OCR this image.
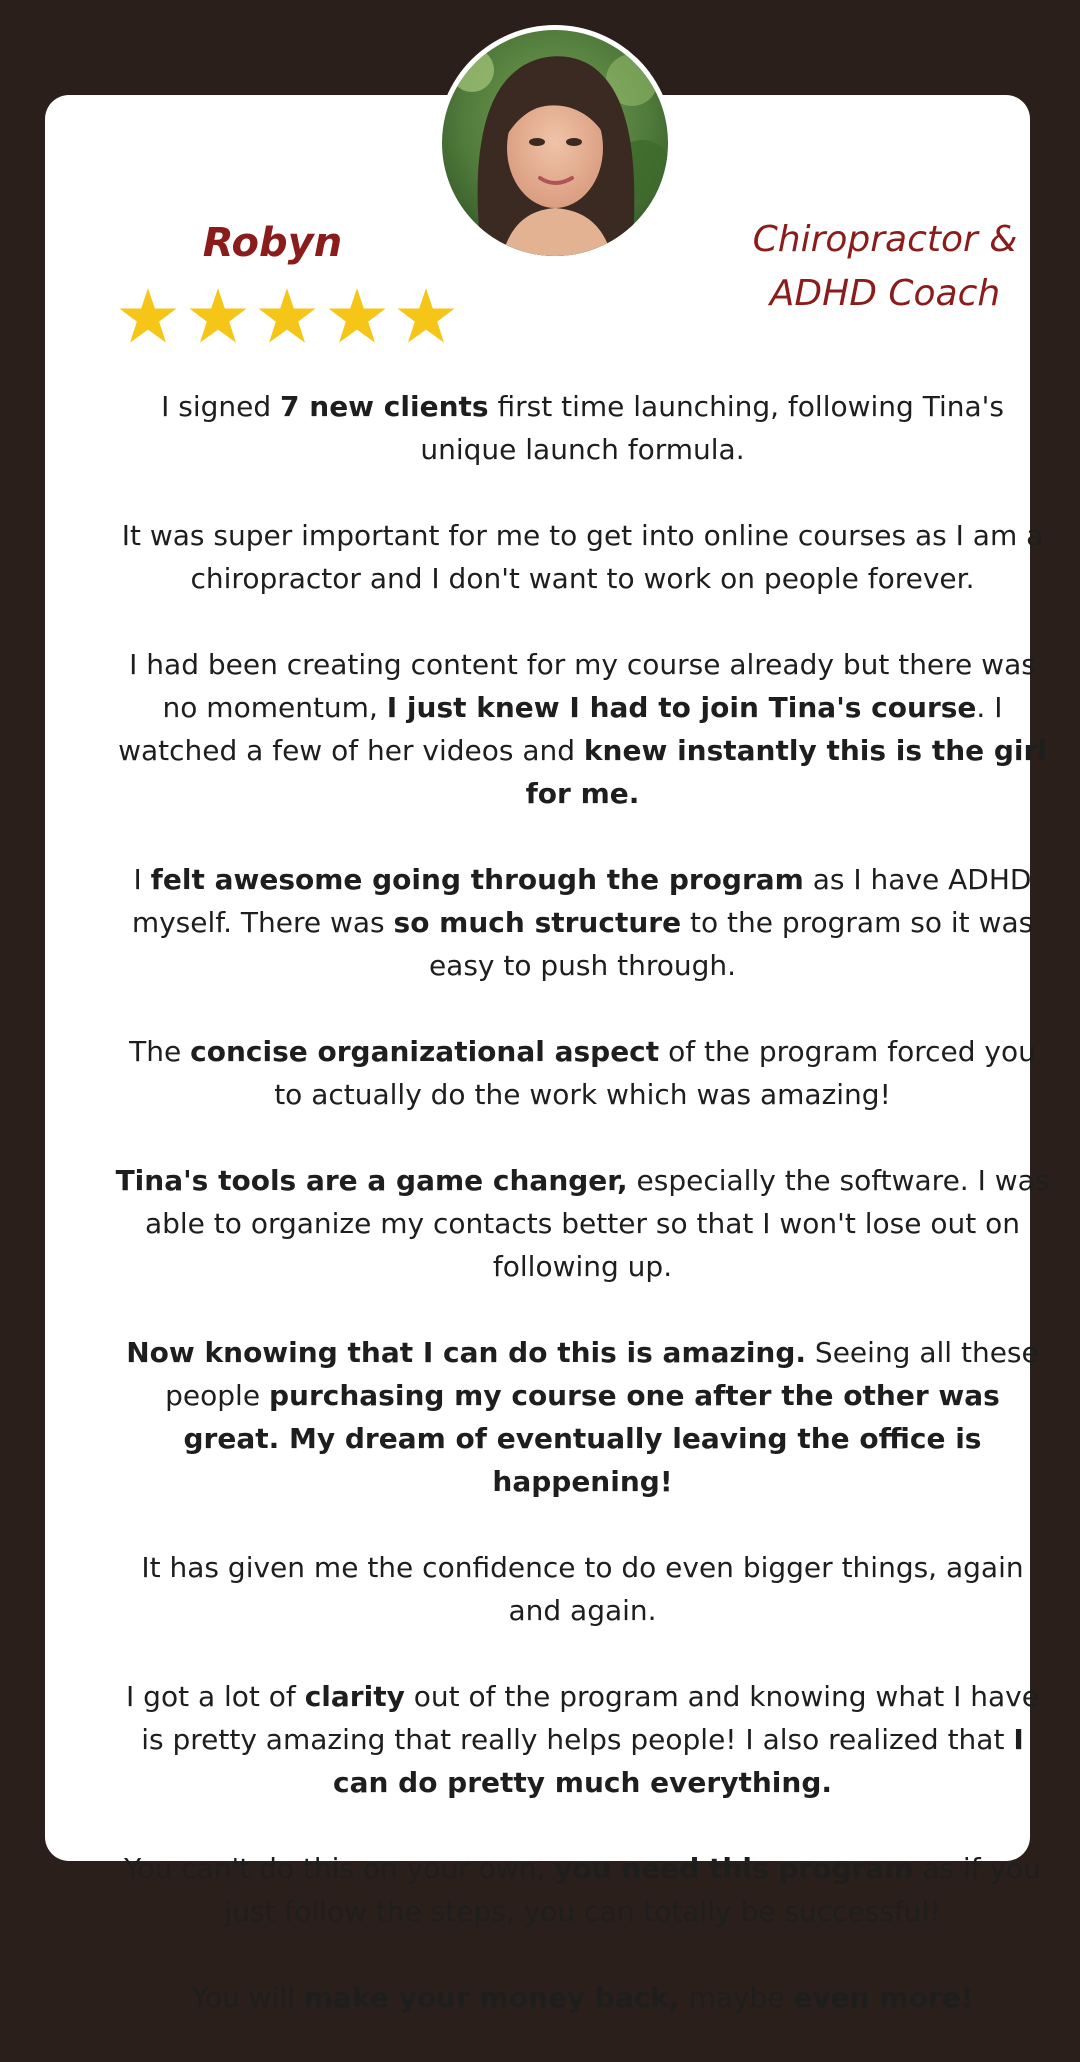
Robyn	Chiropractor & ADHD Coach

I signed 7 new clients first time launching, following Tina's unique launch formula.

It was super important for me to get into online courses as I am a chiropractor and I don't want to work on people forever.

I had been creating content for my course already but there was no momentum, I just knew I had to join Tina's course. I watched a few of her videos and knew instantly this is the girl for me.

I felt awesome going through the program as I have ADHD myself. There was so much structure to the program so it was easy to push through.

The concise organizational aspect of the program forced you to actually do the work which was amazing!

Tina's tools are a game changer, especially the software. I was able to organize my contacts better so that I won't lose out on following up.

Now knowing that I can do this is amazing. Seeing all these people purchasing my course one after the other was great. My dream of eventually leaving the office is happening!

It has given me the confidence to do even bigger things, again and again.

I got a lot of clarity out of the program and knowing what I have is pretty amazing that really helps people! I also realized that I can do pretty much everything.

You can't do this on your own, you need this program as if you just follow the steps, you can totally be successful!

You will make your money back, maybe even more!
